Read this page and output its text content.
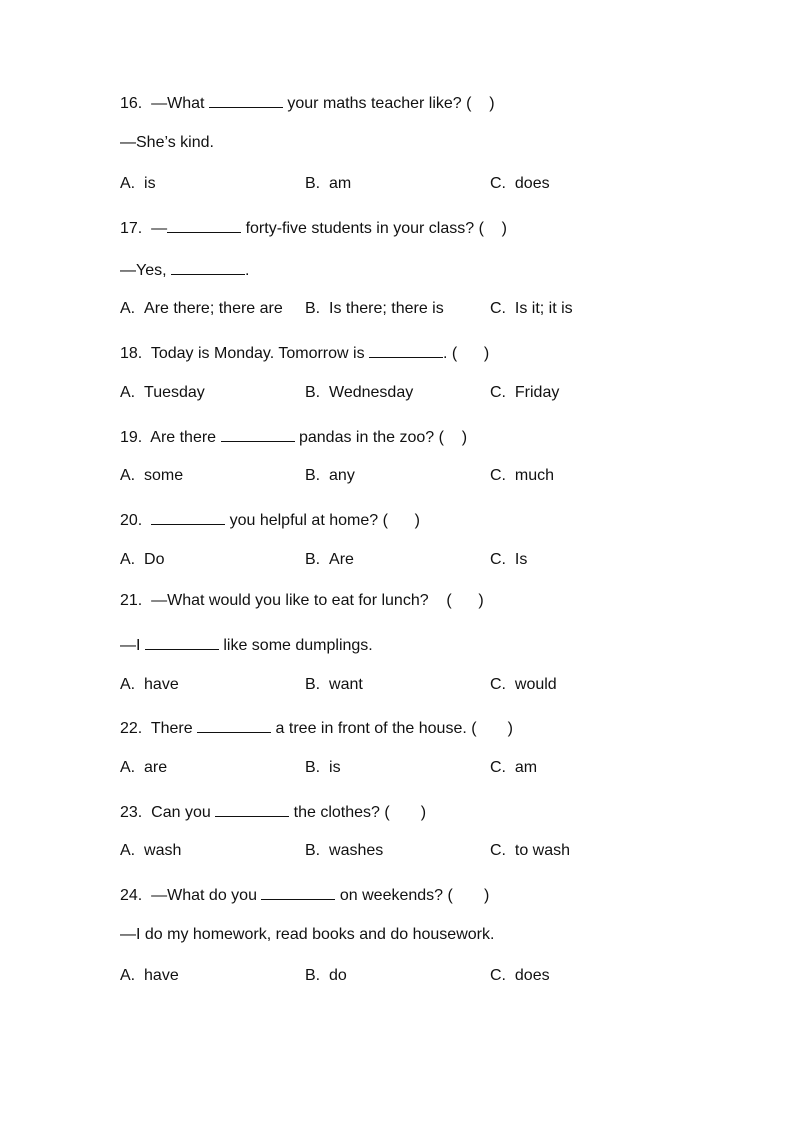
16. —What	your maths teacher like? (    )
—She’s kind.
A.
is	B.
am	C.
does
17. —	forty-five students in your class? (    )
—Yes,	.
A.
Are there; there are B.
Is there; there is	C.
Is it; it is
18. Today is Monday. Tomorrow is	. (      )
A.
Tuesday	B.
Wednesday	C.
Friday
19. Are there	pandas in the zoo? (    )
A.
some	B.
any	C.
much
20.	you helpful at home? (      )
A.
Do	B.
Are	C.
Is
21. —What would you like to eat for lunch?    (      )
—I	like some dumplings.
A.
have	B.
want	C.
would
22. There	a tree in front of the house. (       )
A.
are	B.
is	C.
am
23. Can you	the clothes? (       )
A.
wash	B.
washes	C.
to wash
24. —What do you	on weekends? (       )
—I do my homework, read books and do housework.
A.
have	B.
do	C.
does
